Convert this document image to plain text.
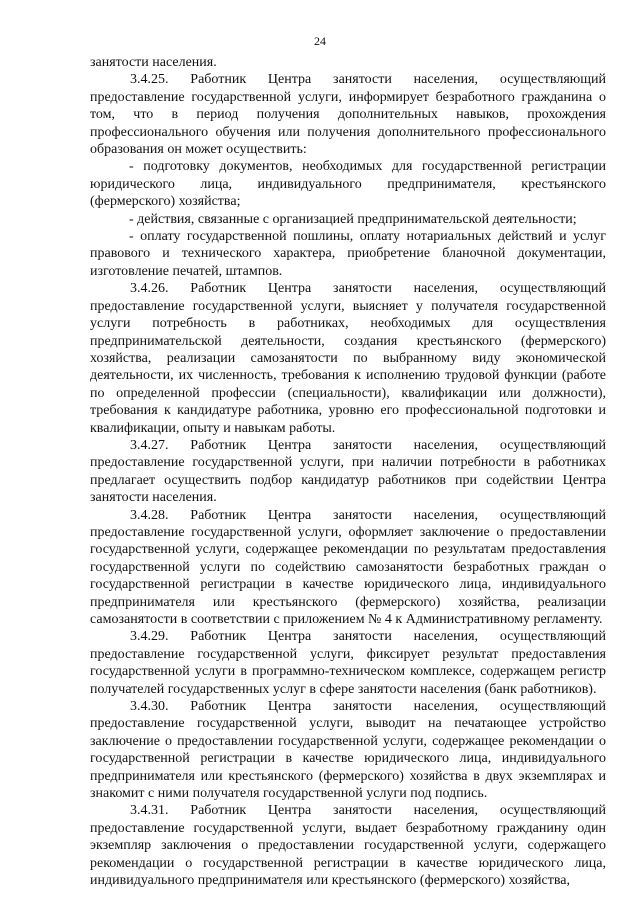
24

занятости населения.

3.4.25. Работник Центра занятости населения, осуществляющий предоставление государственной услуги, информирует безработного гражданина о том, что в период получения дополнительных навыков, прохождения профессионального обучения или получения дополнительного профессионального образования он может осуществить:

- подготовку документов, необходимых для государственной регистрации юридического лица, индивидуального предпринимателя, крестьянского (фермерского) хозяйства;

- действия, связанные с организацией предпринимательской деятельности;

- оплату государственной пошлины, оплату нотариальных действий и услуг правового и технического характера, приобретение бланочной документации, изготовление печатей, штампов.

3.4.26. Работник Центра занятости населения, осуществляющий предоставление государственной услуги, выясняет у получателя государственной услуги потребность в работниках, необходимых для осуществления предпринимательской деятельности, создания крестьянского (фермерского) хозяйства, реализации самозанятости по выбранному виду экономической деятельности, их численность, требования к исполнению трудовой функции (работе по определенной профессии (специальности), квалификации или должности), требования к кандидатуре работника, уровню его профессиональной подготовки и квалификации, опыту и навыкам работы.

3.4.27. Работник Центра занятости населения, осуществляющий предоставление государственной услуги, при наличии потребности в работниках предлагает осуществить подбор кандидатур работников при содействии Центра занятости населения.

3.4.28. Работник Центра занятости населения, осуществляющий предоставление государственной услуги, оформляет заключение о предоставлении государственной услуги, содержащее рекомендации по результатам предоставления государственной услуги по содействию самозанятости безработных граждан о государственной регистрации в качестве юридического лица, индивидуального предпринимателя или крестьянского (фермерского) хозяйства, реализации самозанятости в соответствии с приложением № 4 к Административному регламенту.

3.4.29. Работник Центра занятости населения, осуществляющий предоставление государственной услуги, фиксирует результат предоставления государственной услуги в программно-техническом комплексе, содержащем регистр получателей государственных услуг в сфере занятости населения (банк работников).

3.4.30. Работник Центра занятости населения, осуществляющий предоставление государственной услуги, выводит на печатающее устройство заключение о предоставлении государственной услуги, содержащее рекомендации о государственной регистрации в качестве юридического лица, индивидуального предпринимателя или крестьянского (фермерского) хозяйства в двух экземплярах и знакомит с ними получателя государственной услуги под подпись.

3.4.31. Работник Центра занятости населения, осуществляющий предоставление государственной услуги, выдает безработному гражданину один экземпляр заключения о предоставлении государственной услуги, содержащего рекомендации о государственной регистрации в качестве юридического лица, индивидуального предпринимателя или крестьянского (фермерского) хозяйства,
